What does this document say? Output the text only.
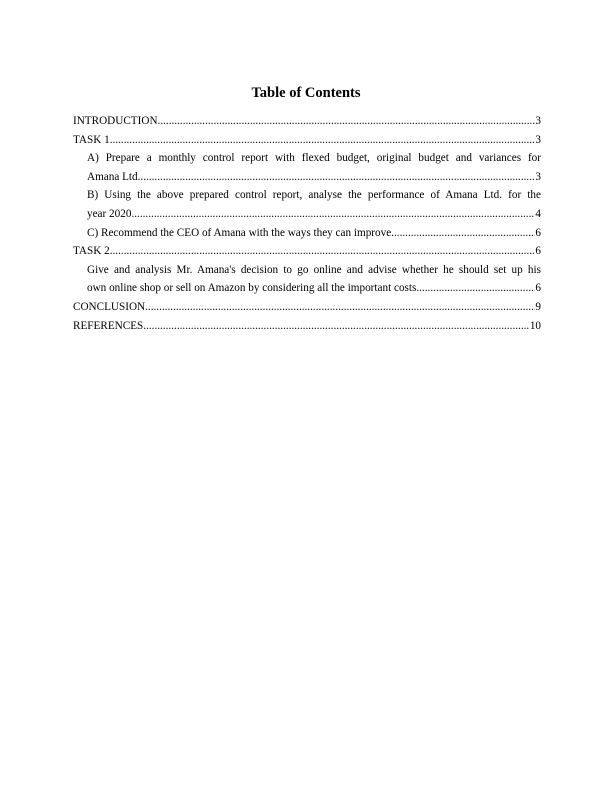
Table of Contents
INTRODUCTION .....	3
TASK 1 .....	3
A) Prepare a monthly control report with flexed budget, original budget and variances for
Amana Ltd .....	3
B) Using the above prepared control report, analyse the performance of Amana Ltd. for the
year 2020 .....	4
C) Recommend the CEO of Amana with the ways they can improve. .....	6
TASK 2 .....	6
Give and analysis Mr. Amana's decision to go online and advise whether he should set up his
own online shop or sell on Amazon by considering all the important costs. .....	6
CONCLUSION .....	9
REFERENCES .....	10
